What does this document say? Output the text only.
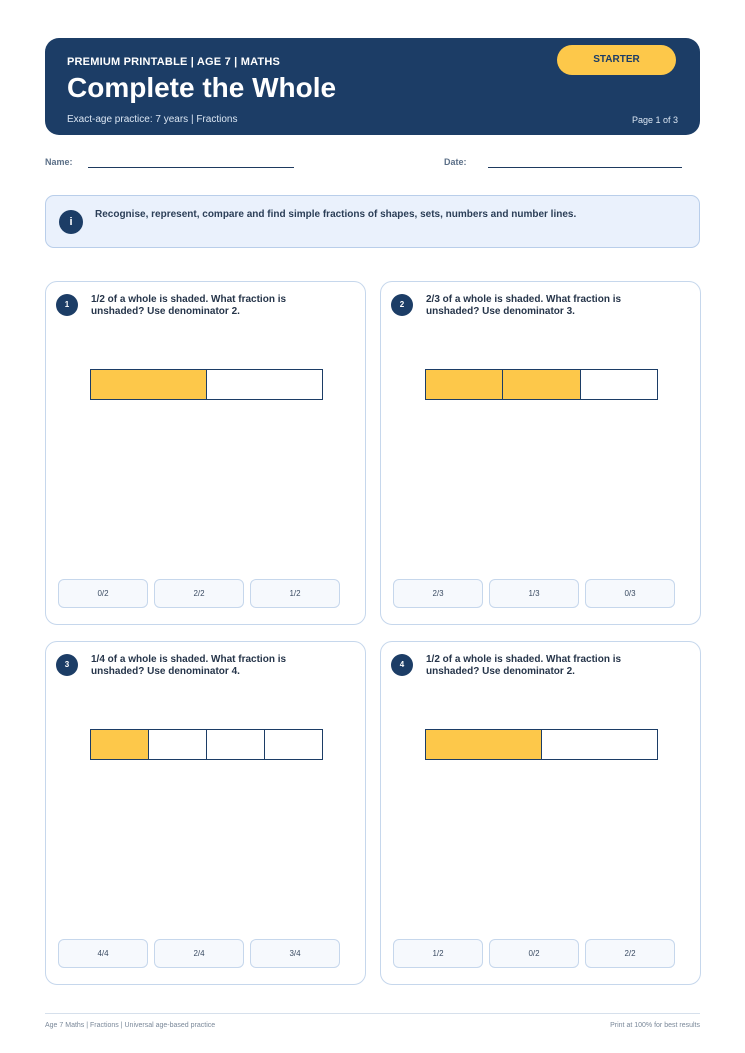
PREMIUM PRINTABLE | AGE 7 | MATHS
Complete the Whole
Exact-age practice: 7 years | Fractions	Page 1 of 3
STARTER
Name:	Date:
i
Recognise, represent, compare and find simple fractions of shapes, sets, numbers and number lines.
1	1/2 of a whole is shaded. What fraction is unshaded? Use denominator 2.
0/2	2/2	1/2
2	2/3 of a whole is shaded. What fraction is unshaded? Use denominator 3.
2/3	1/3	0/3
3	1/4 of a whole is shaded. What fraction is unshaded? Use denominator 4.
4/4	2/4	3/4
4	1/2 of a whole is shaded. What fraction is unshaded? Use denominator 2.
1/2	0/2	2/2
Age 7 Maths | Fractions | Universal age-based practice	Print at 100% for best results
